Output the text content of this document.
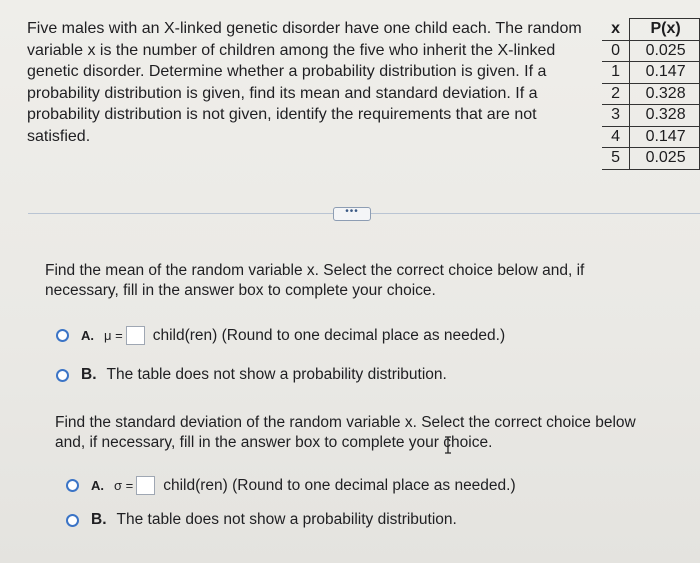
Five males with an X-linked genetic disorder have one child each. The random variable x is the number of children among the five who inherit the X-linked genetic disorder. Determine whether a probability distribution is given. If a probability distribution is given, find its mean and standard deviation. If a probability distribution is not given, identify the requirements that are not satisfied.
x	P(x)
0	0.025
1	0.147
2	0.328
3	0.328
4	0.147
5	0.025
•••
Find the mean of the random variable x. Select the correct choice below and, if necessary, fill in the answer box to complete your choice.
A. μ = child(ren) (Round to one decimal place as needed.)
B. The table does not show a probability distribution.
Find the standard deviation of the random variable x. Select the correct choice below and, if necessary, fill in the answer box to complete your choice.
A. σ = child(ren) (Round to one decimal place as needed.)
B. The table does not show a probability distribution.
